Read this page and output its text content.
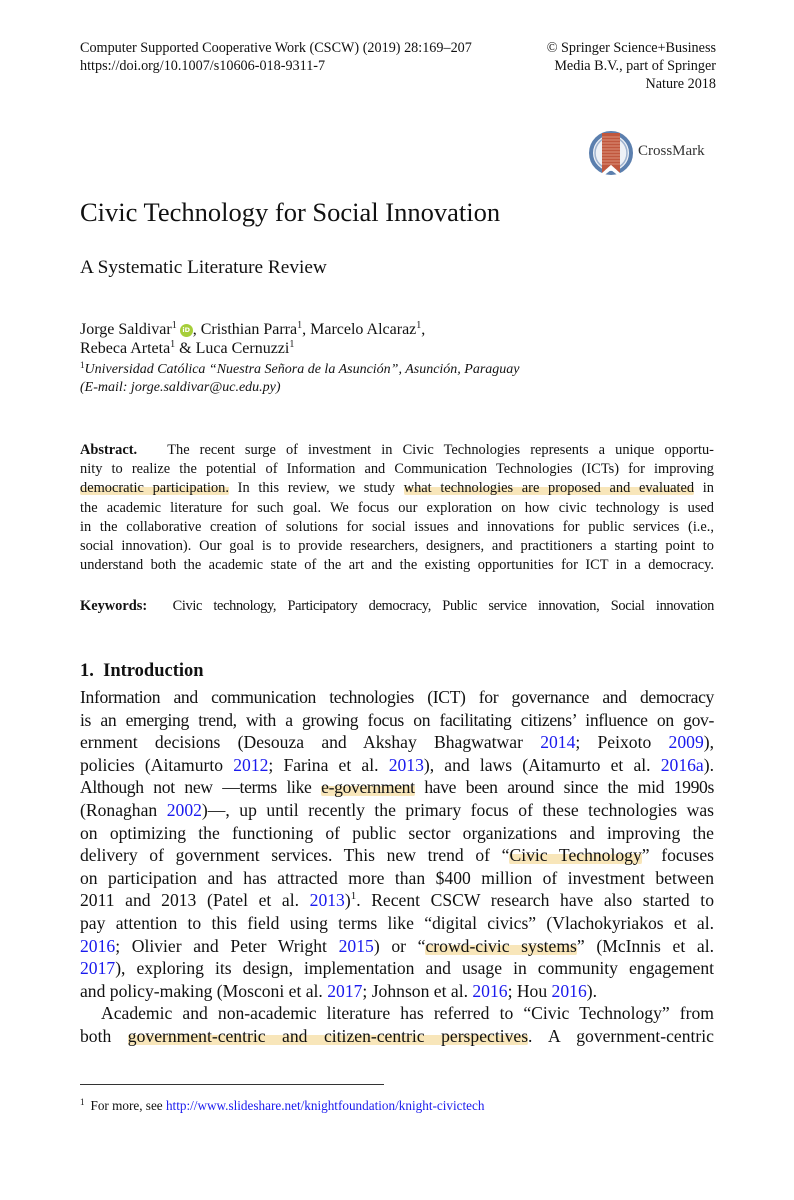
Computer Supported Cooperative Work (CSCW) (2019) 28:169–207
https://doi.org/10.1007/s10606-018-9311-7
© Springer Science+Business
Media B.V., part of Springer
Nature 2018
CrossMark
Civic Technology for Social Innovation
A Systematic Literature Review
Jorge Saldivar$^1$ iD , Cristhian Parra$^1$, Marcelo Alcaraz$^1$,
Rebeca Arteta$^1$ & Luca Cernuzzi$^1$
$^1$Universidad Católica “Nuestra Señora de la Asunción”, Asunción, Paraguay
(E-mail: jorge.saldivar@uc.edu.py)
Abstract. The recent surge of investment in Civic Technologies represents a unique opportu-
nity to realize the potential of Information and Communication Technologies (ICTs) for improving
democratic participation. In this review, we study what technologies are proposed and evaluated in
the academic literature for such goal. We focus our exploration on how civic technology is used
in the collaborative creation of solutions for social issues and innovations for public services (i.e.,
social innovation). Our goal is to provide researchers, designers, and practitioners a starting point to
understand both the academic state of the art and the existing opportunities for ICT in a democracy.
Keywords: Civic technology, Participatory democracy, Public service innovation, Social innovation
1. Introduction
Information and communication technologies (ICT) for governance and democracy
is an emerging trend, with a growing focus on facilitating citizens’ influence on gov-
ernment decisions (Desouza and Akshay Bhagwatwar 2014; Peixoto 2009),
policies (Aitamurto 2012; Farina et al. 2013), and laws (Aitamurto et al. 2016a).
Although not new —terms like e-government have been around since the mid 1990s
(Ronaghan 2002)—, up until recently the primary focus of these technologies was
on optimizing the functioning of public sector organizations and improving the
delivery of government services. This new trend of “Civic Technology” focuses
on participation and has attracted more than $400 million of investment between
2011 and 2013 (Patel et al. 2013)$^1$. Recent CSCW research have also started to
pay attention to this field using terms like “digital civics” (Vlachokyriakos et al.
2016; Olivier and Peter Wright 2015) or “crowd-civic systems” (McInnis et al.
2017), exploring its design, implementation and usage in community engagement
and policy-making (Mosconi et al. 2017; Johnson et al. 2016; Hou 2016).
Academic and non-academic literature has referred to “Civic Technology” from
both government-centric and citizen-centric perspectives. A government-centric
$^1$ For more, see http://www.slideshare.net/knightfoundation/knight-civictech
